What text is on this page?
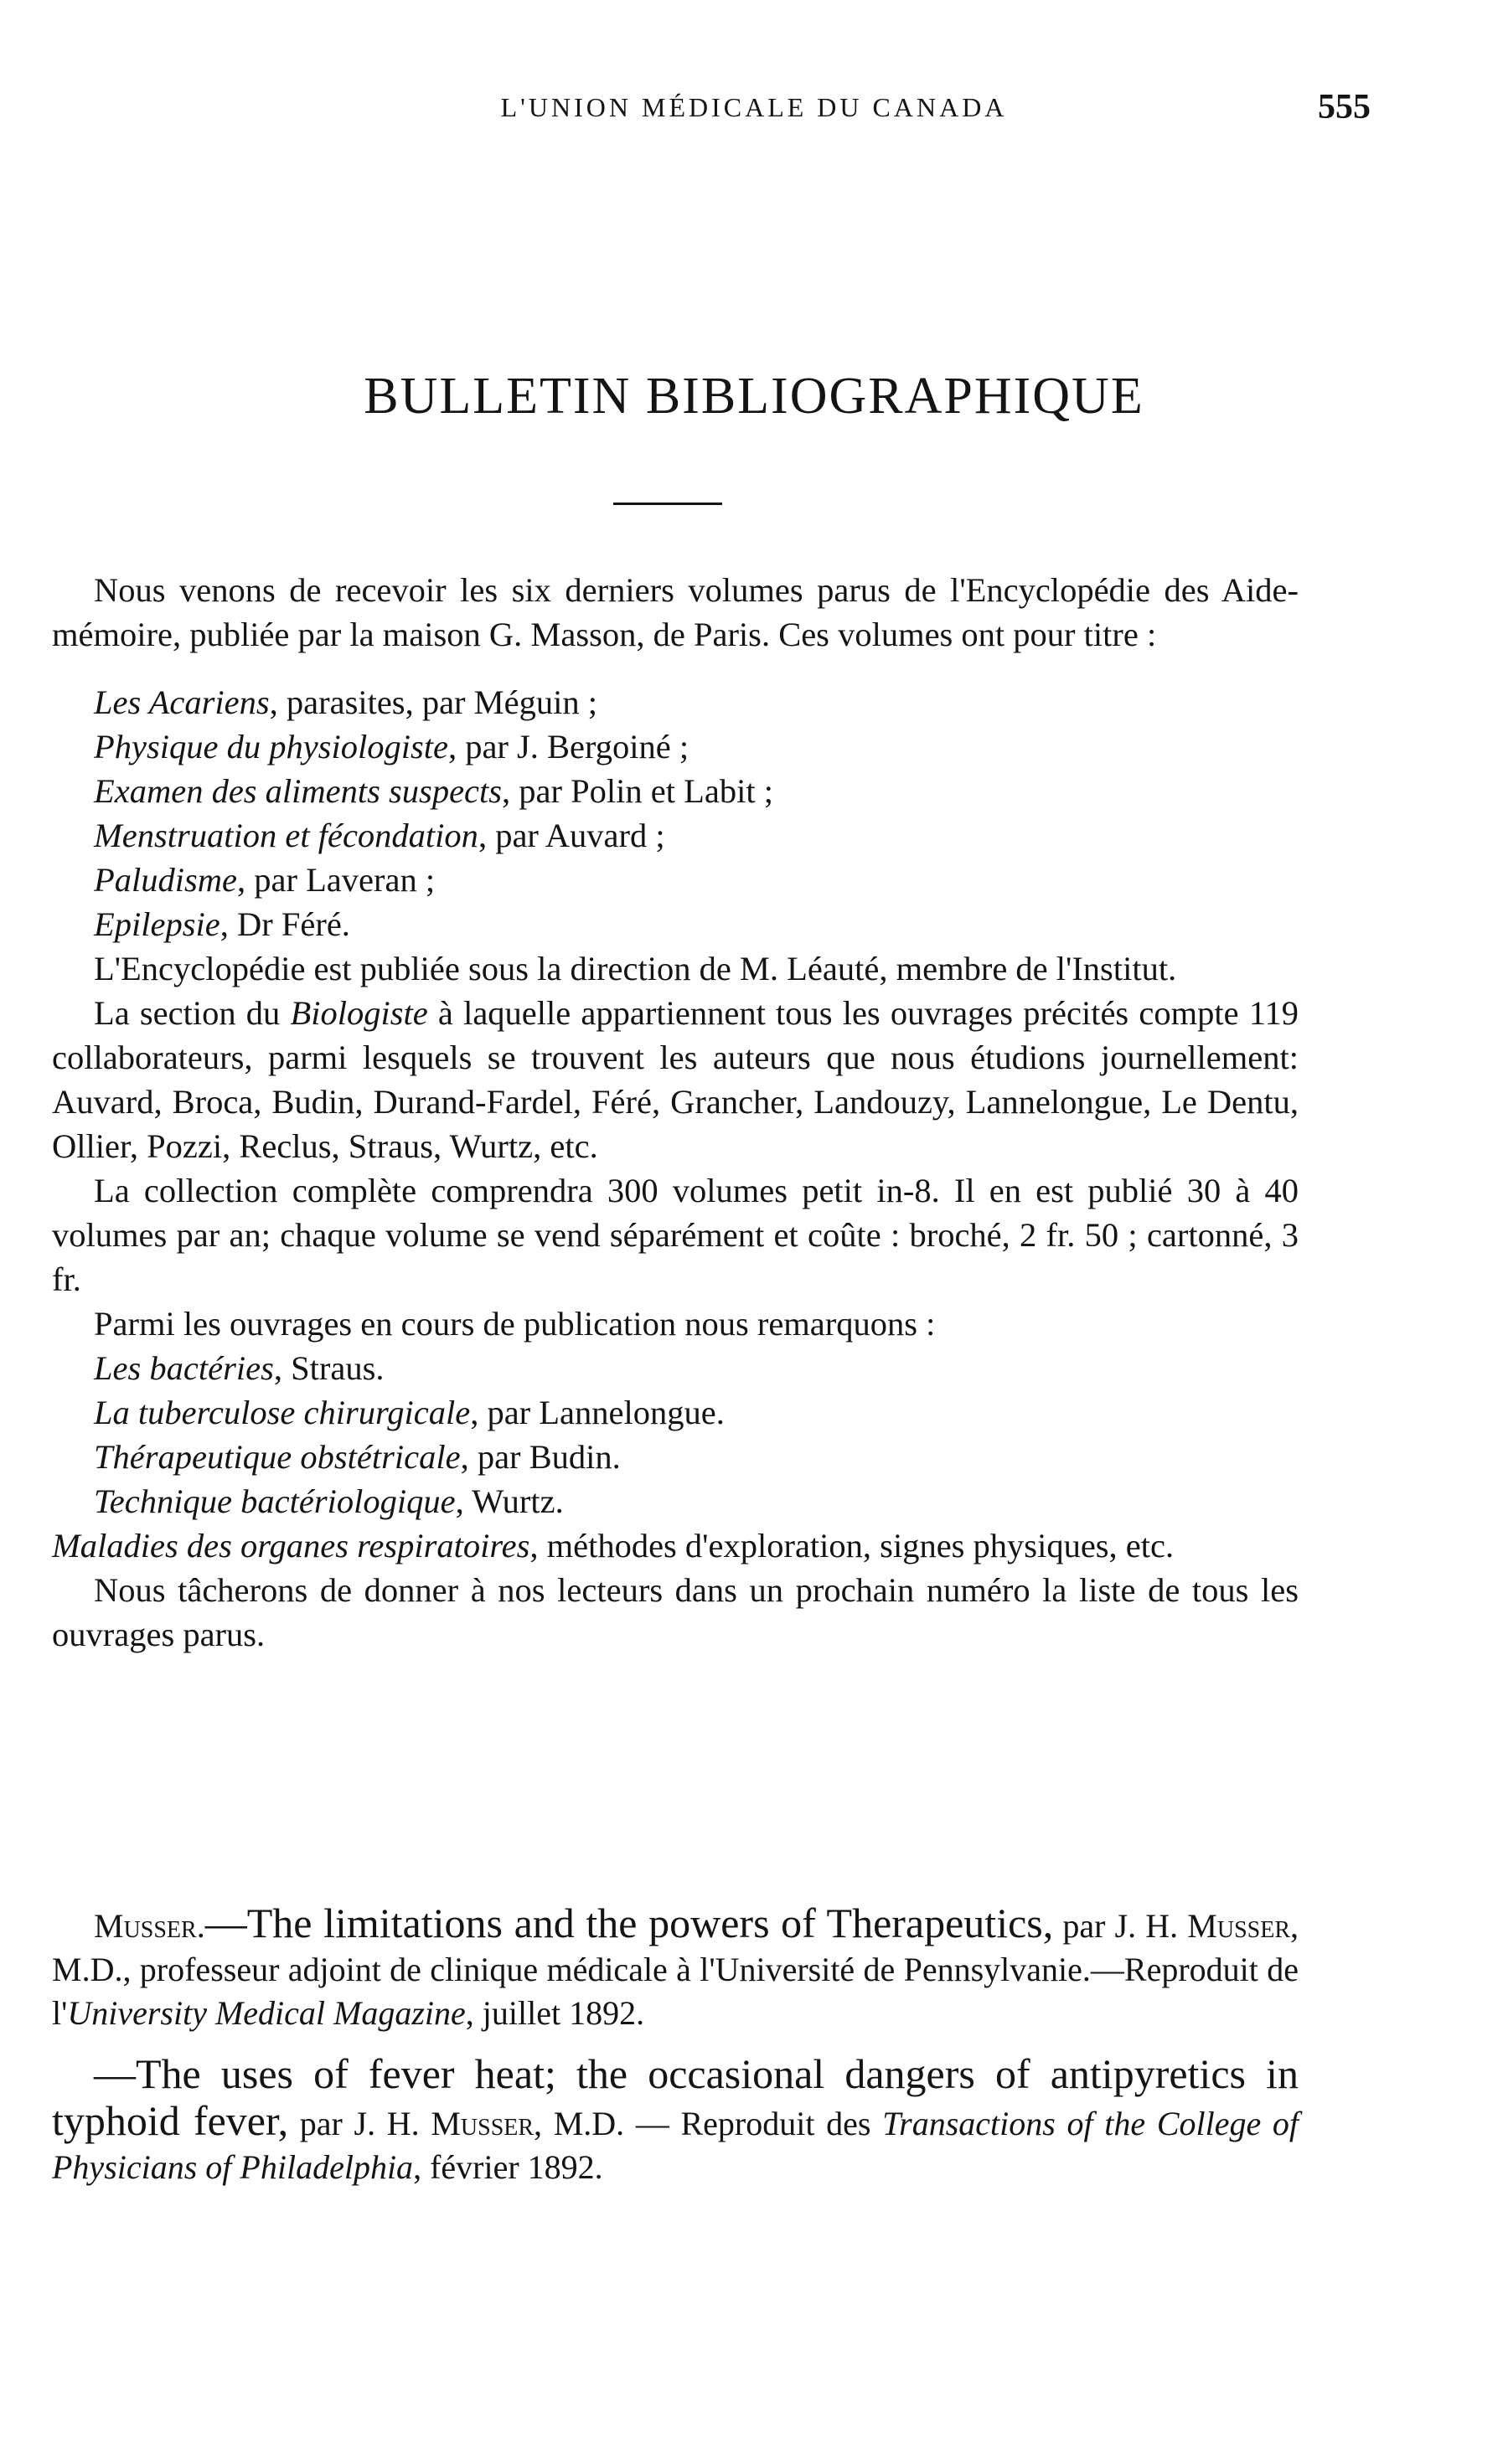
L'UNION MÉDICALE DU CANADA	555
BULLETIN BIBLIOGRAPHIQUE

Nous venons de recevoir les six derniers volumes parus de l'Encyclopédie des Aide-mémoire, publiée par la maison G. Masson, de Paris. Ces volumes ont pour titre :

Les Acariens, parasites, par Méguin ;
Physique du physiologiste, par J. Bergoiné ;
Examen des aliments suspects, par Polin et Labit ;
Menstruation et fécondation, par Auvard ;
Paludisme, par Laveran ;
Epilepsie, Dr Féré.

L'Encyclopédie est publiée sous la direction de M. Léauté, membre de l'Institut.

La section du Biologiste à laquelle appartiennent tous les ouvrages précités compte 119 collaborateurs, parmi lesquels se trouvent les auteurs que nous étudions journellement: Auvard, Broca, Budin, Durand-Fardel, Féré, Grancher, Landouzy, Lannelongue, Le Dentu, Ollier, Pozzi, Reclus, Straus, Wurtz, etc.

La collection complète comprendra 300 volumes petit in-8. Il en est publié 30 à 40 volumes par an; chaque volume se vend séparément et coûte : broché, 2 fr. 50 ; cartonné, 3 fr.

Parmi les ouvrages en cours de publication nous remarquons :
Les bactéries, Straus.
La tuberculose chirurgicale, par Lannelongue.
Thérapeutique obstétricale, par Budin.
Technique bactériologique, Wurtz.

Maladies des organes respiratoires, méthodes d'exploration, signes physiques, etc.

Nous tâcherons de donner à nos lecteurs dans un prochain numéro la liste de tous les ouvrages parus.

Musser.—The limitations and the powers of Therapeutics, par J. H. Musser, M.D., professeur adjoint de clinique médicale à l'Université de Pennsylvanie.—Reproduit de l'University Medical Magazine, juillet 1892.

—The uses of fever heat; the occasional dangers of antipyretics in typhoid fever, par J. H. Musser, M.D. — Reproduit des Transactions of the College of Physicians of Philadelphia, février 1892.
